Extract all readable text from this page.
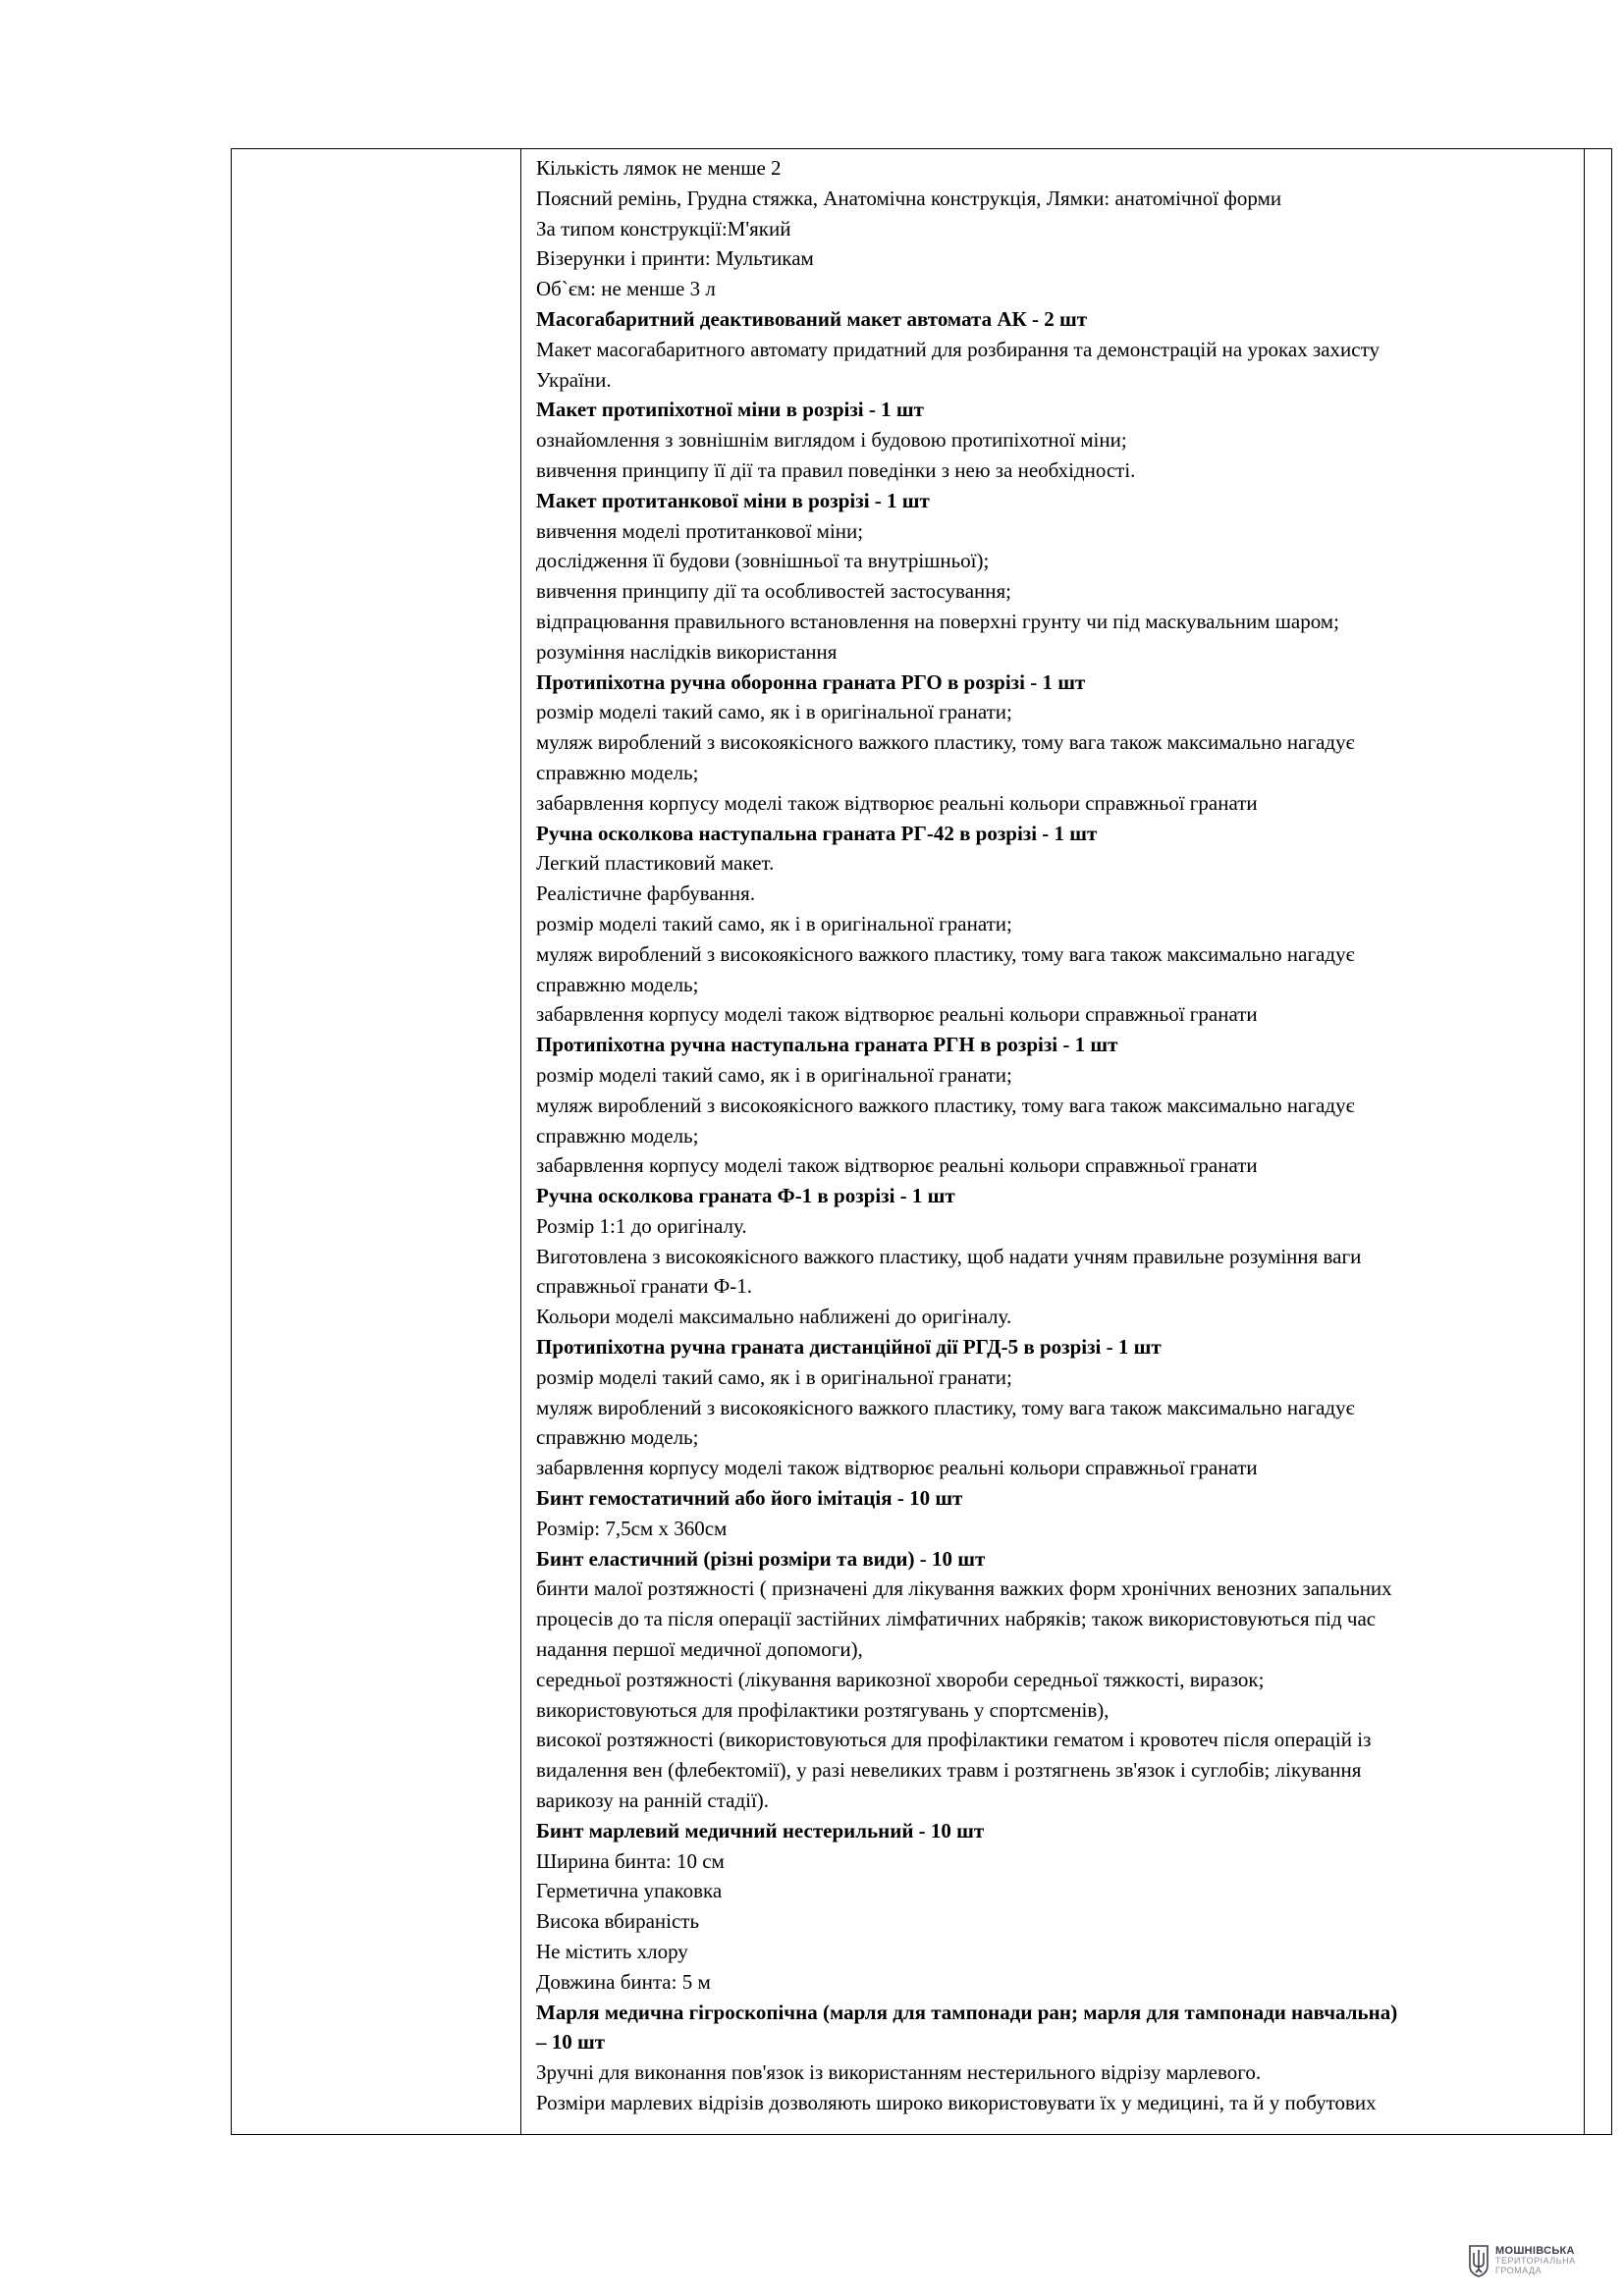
Кількість лямок не менше 2

Поясний ремінь, Грудна стяжка, Анатомічна конструкція, Лямки: анатомічної форми

За типом конструкції:М'який

Візерунки і принти: Мультикам

Об`єм: не менше 3 л

Масогабаритний деактивований макет автомата АК - 2 шт

Макет масогабаритного автомату придатний для розбирання та демонстрацій на уроках захисту

України.

Макет протипіхотної міни в розрізі - 1 шт

ознайомлення з зовнішнім виглядом і будовою протипіхотної міни;

вивчення принципу її дії та правил поведінки з нею за необхідності.

Макет протитанкової міни в розрізі - 1 шт

вивчення моделі протитанкової міни;

дослідження її будови (зовнішньої та внутрішньої);

вивчення принципу дії та особливостей застосування;

відпрацювання правильного встановлення на поверхні грунту чи під маскувальним шаром;

розуміння наслідків використання

Протипіхотна ручна оборонна граната РГО в розрізі - 1 шт

розмір моделі такий само, як і в оригінальної гранати;

муляж вироблений з високоякісного важкого пластику, тому вага також максимально нагадує

справжню модель;

забарвлення корпусу моделі також відтворює реальні кольори справжньої гранати

Ручна осколкова наступальна граната РГ-42 в розрізі - 1 шт

Легкий пластиковий макет.

Реалістичне фарбування.

розмір моделі такий само, як і в оригінальної гранати;

муляж вироблений з високоякісного важкого пластику, тому вага також максимально нагадує

справжню модель;

забарвлення корпусу моделі також відтворює реальні кольори справжньої гранати

Протипіхотна ручна наступальна граната РГН в розрізі - 1 шт

розмір моделі такий само, як і в оригінальної гранати;

муляж вироблений з високоякісного важкого пластику, тому вага також максимально нагадує

справжню модель;

забарвлення корпусу моделі також відтворює реальні кольори справжньої гранати

Ручна осколкова граната Ф-1 в розрізі - 1 шт

Розмір 1:1 до оригіналу.

Виготовлена з високоякісного важкого пластику, щоб надати учням правильне розуміння ваги

справжньої гранати Ф-1.

Кольори моделі максимально наближені до оригіналу.

Протипіхотна ручна граната дистанційної дії РГД-5 в розрізі - 1 шт

розмір моделі такий само, як і в оригінальної гранати;

муляж вироблений з високоякісного важкого пластику, тому вага також максимально нагадує

справжню модель;

забарвлення корпусу моделі також відтворює реальні кольори справжньої гранати

Бинт гемостатичний або його імітація - 10 шт

Розмір: 7,5см х 360см

Бинт еластичний (різні розміри та види) - 10 шт

бинти малої розтяжності ( призначені для лікування важких форм хронічних венозних запальних

процесів до та після операції застійних лімфатичних набряків; також використовуються під час

надання першої медичної допомоги),

середньої розтяжності (лікування варикозної хвороби середньої тяжкості, виразок;

використовуються для профілактики розтягувань у спортсменів),

високої розтяжності (використовуються для профілактики гематом і кровотеч після операцій із

видалення вен (флебектомії), у разі невеликих травм і розтягнень зв'язок і суглобів; лікування

варикозу на ранній стадії).

Бинт марлевий медичний нестерильний - 10 шт

Ширина бинта: 10 см

Герметична упаковка

Висока вбираність

Не містить хлору

Довжина бинта: 5 м

Марля медична гігроскопічна (марля для тампонади ран; марля для тампонади навчальна)

– 10 шт

Зручні для виконання пов'язок із використанням нестерильного відрізу марлевого.

Розміри марлевих відрізів дозволяють широко використовувати їх у медицині, та й у побутових

МОШНІВСЬКА
ТЕРИТОРІАЛЬНА
ГРОМАДА
